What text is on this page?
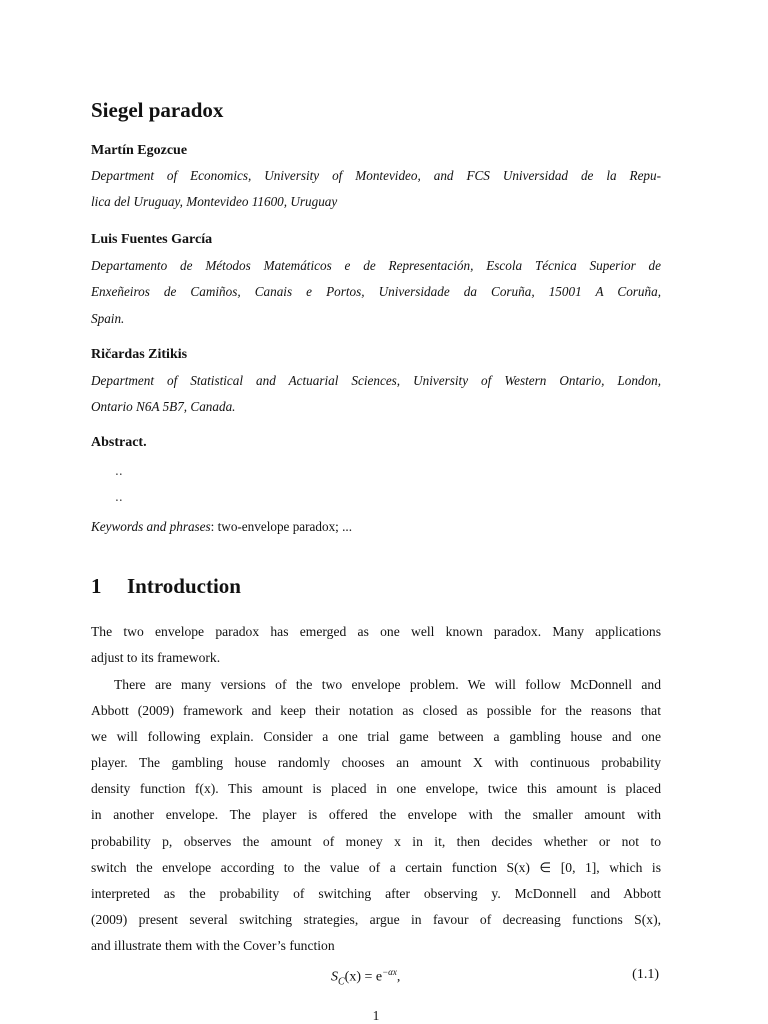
Siegel paradox
Martín Egozcue
Department of Economics, University of Montevideo, and FCS Universidad de la Repu-
lica del Uruguay, Montevideo 11600, Uruguay
Luis Fuentes García
Departamento de Métodos Matemáticos e de Representación, Escola Técnica Superior de
Enxeñeiros de Camiños, Canais e Portos, Universidade da Coruña, 15001 A Coruña,
Spain.
Ričardas Zitikis
Department of Statistical and Actuarial Sciences, University of Western Ontario, London,
Ontario N6A 5B7, Canada.
Abstract.
..
..
Keywords and phrases: two-envelope paradox; ...
1 Introduction
The two envelope paradox has emerged as one well known paradox. Many applications
adjust to its framework.
There are many versions of the two envelope problem. We will follow McDonnell and
Abbott (2009) framework and keep their notation as closed as possible for the reasons that
we will following explain. Consider a one trial game between a gambling house and one
player. The gambling house randomly chooses an amount X with continuous probability
density function f(x). This amount is placed in one envelope, twice this amount is placed
in another envelope. The player is offered the envelope with the smaller amount with
probability p, observes the amount of money x in it, then decides whether or not to
switch the envelope according to the value of a certain function S(x) ∈ [0, 1], which is
interpreted as the probability of switching after observing y. McDonnell and Abbott
(2009) present several switching strategies, argue in favour of decreasing functions S(x),
and illustrate them with the Cover’s function
$S_C(x) = e^{-\alpha x}$,	(1.1)
1
